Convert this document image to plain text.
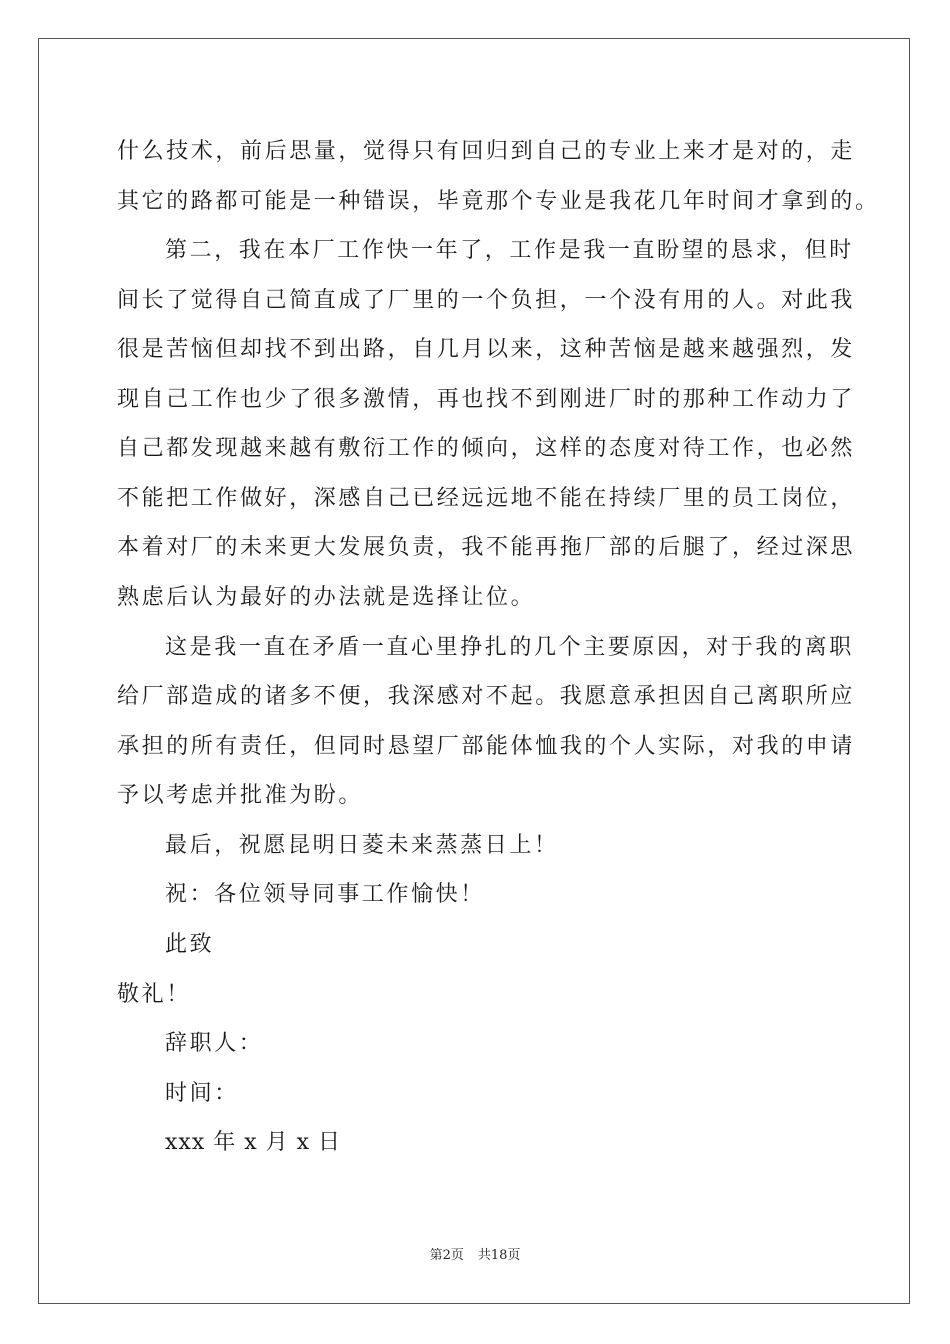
什么技术，前后思量，觉得只有回归到自己的专业上来才是对的，走
其它的路都可能是一种错误，毕竟那个专业是我花几年时间才拿到的。
第二，我在本厂工作快一年了，工作是我一直盼望的恳求，但时
间长了觉得自己简直成了厂里的一个负担，一个没有用的人。对此我
很是苦恼但却找不到出路，自几月以来，这种苦恼是越来越强烈，发
现自己工作也少了很多激情，再也找不到刚进厂时的那种工作动力了
自己都发现越来越有敷衍工作的倾向，这样的态度对待工作，也必然
不能把工作做好，深感自己已经远远地不能在持续厂里的员工岗位，
本着对厂的未来更大发展负责，我不能再拖厂部的后腿了，经过深思
熟虑后认为最好的办法就是选择让位。
这是我一直在矛盾一直心里挣扎的几个主要原因，对于我的离职
给厂部造成的诸多不便，我深感对不起。我愿意承担因自己离职所应
承担的所有责任，但同时恳望厂部能体恤我的个人实际，对我的申请
予以考虑并批准为盼。
最后，祝愿昆明日菱未来蒸蒸日上！
祝：各位领导同事工作愉快！
此致
敬礼！
辞职人：
时间：
xxx 年 x 月 x 日
第2页 共18页
